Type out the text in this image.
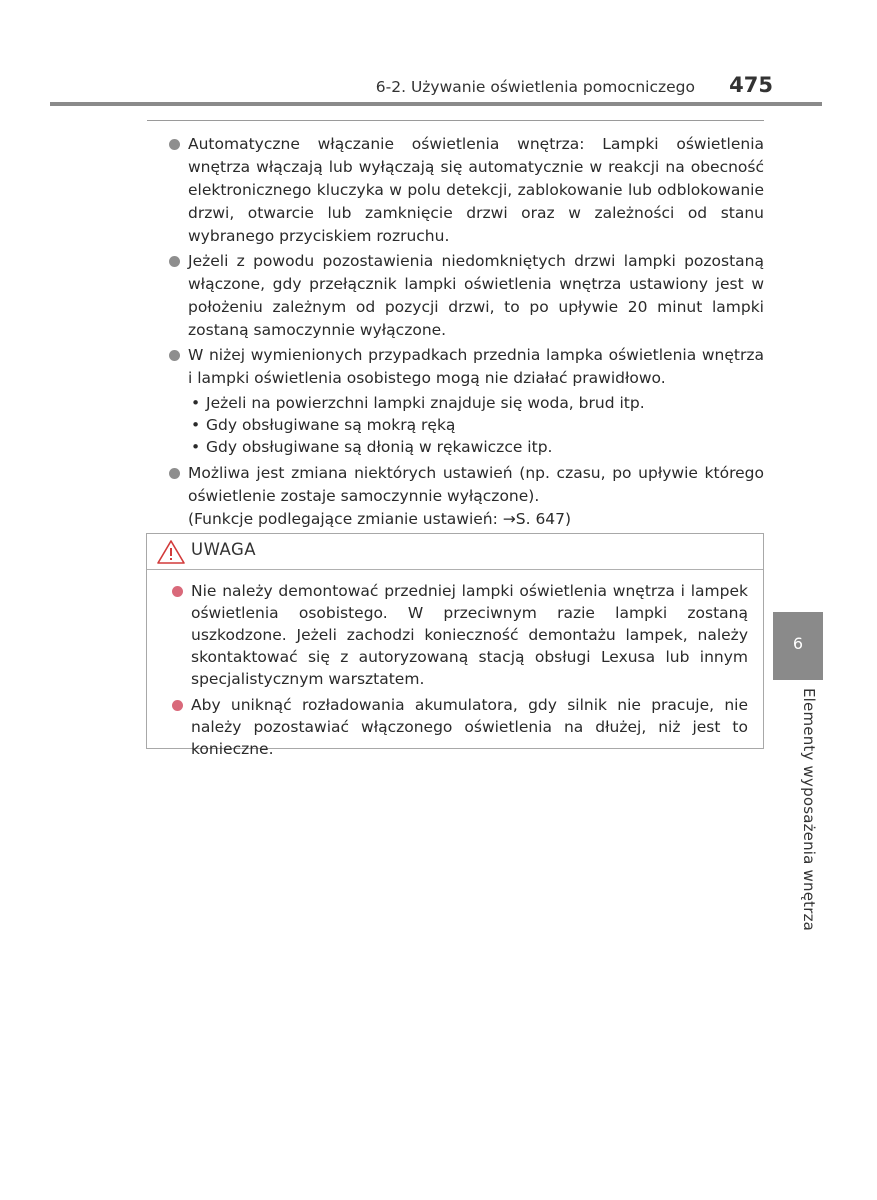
6-2. Używanie oświetlenia pomocniczego 475
Automatyczne włączanie oświetlenia wnętrza: Lampki oświetlenia wnętrza włączają lub wyłączają się automatycznie w reakcji na obecność elektronicznego kluczyka w polu detekcji, zablokowanie lub odblokowanie drzwi, otwarcie lub zamknięcie drzwi oraz w zależności od stanu wybranego przyciskiem rozruchu.
Jeżeli z powodu pozostawienia niedomkniętych drzwi lampki pozostaną włączone, gdy przełącznik lampki oświetlenia wnętrza ustawiony jest w położeniu zależnym od pozycji drzwi, to po upływie 20 minut lampki zostaną samoczynnie wyłączone.
W niżej wymienionych przypadkach przednia lampka oświetlenia wnętrza i lampki oświetlenia osobistego mogą nie działać prawidłowo.
• Jeżeli na powierzchni lampki znajduje się woda, brud itp.
• Gdy obsługiwane są mokrą ręką
• Gdy obsługiwane są dłonią w rękawiczce itp.
Możliwa jest zmiana niektórych ustawień (np. czasu, po upływie którego oświetlenie zostaje samoczynnie wyłączone).
(Funkcje podlegające zmianie ustawień: →S. 647)
UWAGA
Nie należy demontować przedniej lampki oświetlenia wnętrza i lampek oświetlenia osobistego. W przeciwnym razie lampki zostaną uszkodzone. Jeżeli zachodzi konieczność demontażu lampek, należy skontaktować się z autoryzowaną stacją obsługi Lexusa lub innym specjalistycznym warsztatem.
Aby uniknąć rozładowania akumulatora, gdy silnik nie pracuje, nie należy pozostawiać włączonego oświetlenia na dłużej, niż jest to konieczne.
6
Elementy wyposażenia wnętrza
